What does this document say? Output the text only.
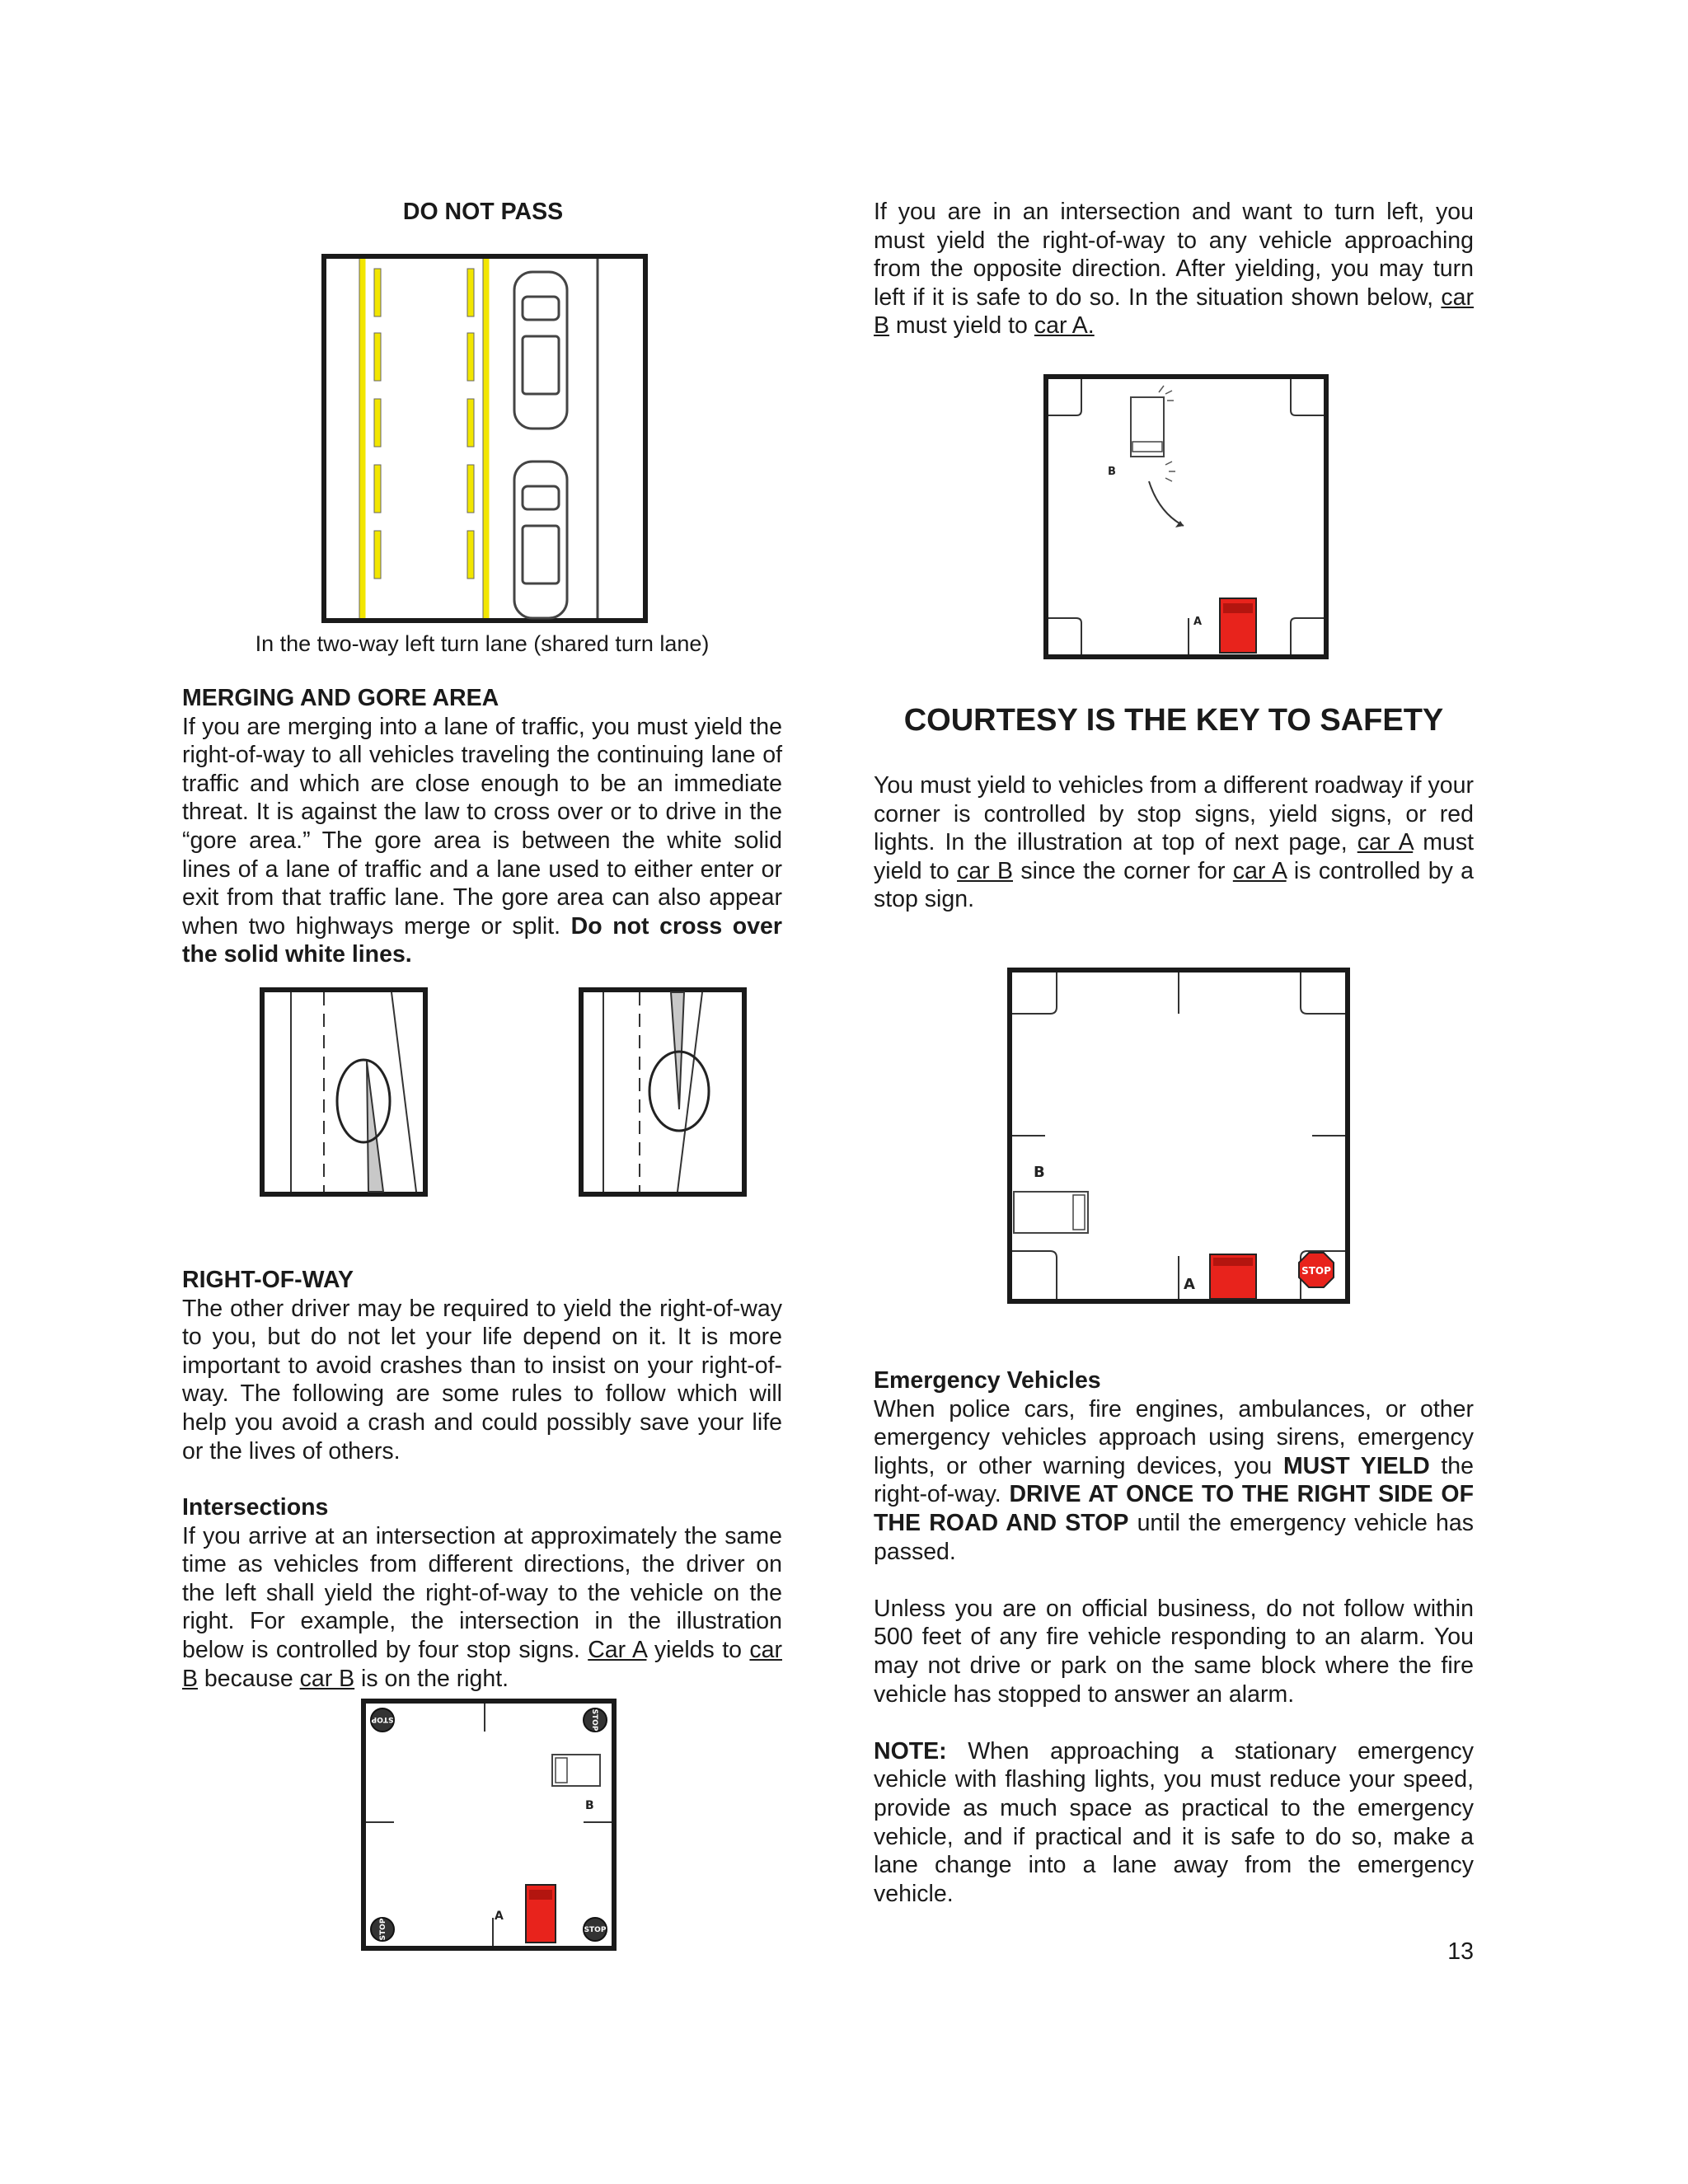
DO NOT PASS
In the two-way left turn lane (shared turn lane)
MERGING AND GORE AREA
If you are merging into a lane of traffic, you must yield the right-of-way to all vehicles traveling the continuing lane of traffic and which are close enough to be an immediate threat. It is against the law to cross over or to drive in the “gore area.” The gore area is between the white solid lines of a lane of traffic and a lane used to either enter or exit from that traffic lane. The gore area can also appear when two highways merge or split. Do not cross over the solid white lines.
RIGHT-OF-WAY
The other driver may be required to yield the right-of-way to you, but do not let your life depend on it. It is more important to avoid crashes than to insist on your right-of-way. The following are some rules to follow which will help you avoid a crash and could possibly save your life or the lives of others.
Intersections
If you arrive at an intersection at approximately the same time as vehicles from different directions, the driver on the left shall yield the right-of-way to the vehicle on the right. For example, the intersection in the illustration below is controlled by four stop signs. Car A yields to car B because car B is on the right.
STOP	STOP
STOP	STOP
B
A
If you are in an intersection and want to turn left, you must yield the right-of-way to any vehicle approaching from the opposite direction. After yielding, you may turn left if it is safe to do so. In the situation shown below, car B must yield to car A.
B
A
COURTESY IS THE KEY TO SAFETY
You must yield to vehicles from a different roadway if your corner is controlled by stop signs, yield signs, or red lights. In the illustration at top of next page, car A must yield to car B since the corner for car A is controlled by a stop sign.
B
A
STOP
Emergency Vehicles
When police cars, fire engines, ambulances, or other emergency vehicles approach using sirens, emergency lights, or other warning devices, you MUST YIELD the right-of-way. DRIVE AT ONCE TO THE RIGHT SIDE OF THE ROAD AND STOP until the emergency vehicle has passed.
Unless you are on official business, do not follow within 500 feet of any fire vehicle responding to an alarm. You may not drive or park on the same block where the fire vehicle has stopped to answer an alarm.
NOTE: When approaching a stationary emergency vehicle with flashing lights, you must reduce your speed, provide as much space as practical to the emergency vehicle, and if practical and it is safe to do so, make a lane change into a lane away from the emergency vehicle.
13
